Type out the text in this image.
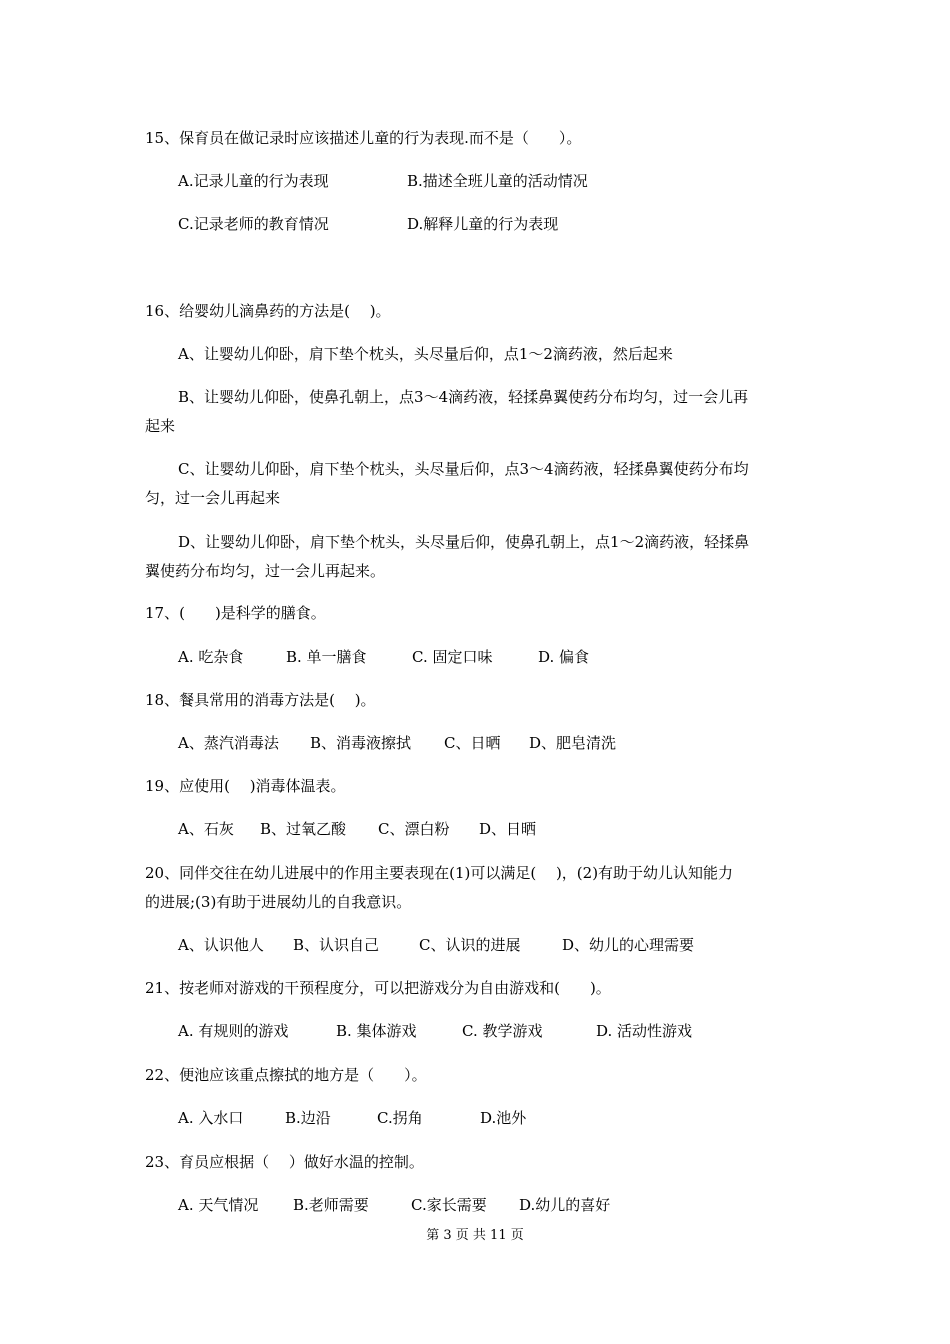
15、保育员在做记录时应该描述儿童的行为表现.而不是（　　）。
A.记录儿童的行为表现	B.描述全班儿童的活动情况
C.记录老师的教育情况	D.解释儿童的行为表现
16、给婴幼儿滴鼻药的方法是(　 )。
A、让婴幼儿仰卧，肩下垫个枕头，头尽量后仰，点1～2滴药液，然后起来
B、让婴幼儿仰卧，使鼻孔朝上，点3～4滴药液，轻揉鼻翼使药分布均匀，过一会儿再
起来
C、让婴幼儿仰卧，肩下垫个枕头，头尽量后仰，点3～4滴药液，轻揉鼻翼使药分布均
匀，过一会儿再起来
D、让婴幼儿仰卧，肩下垫个枕头，头尽量后仰，使鼻孔朝上，点1～2滴药液，轻揉鼻
翼使药分布均匀，过一会儿再起来。
17、(　　)是科学的膳食。
A. 吃杂食	B. 单一膳食	C. 固定口味	D. 偏食
18、餐具常用的消毒方法是(　 )。
A、蒸汽消毒法 B、消毒液擦拭 C、日晒 D、肥皂清洗
19、应使用(　 )消毒体温表。
A、石灰 B、过氧乙酸 C、漂白粉 D、日晒
20、同伴交往在幼儿进展中的作用主要表现在(1)可以满足(　 )，(2)有助于幼儿认知能力
的进展;(3)有助于进展幼儿的自我意识。
A、认识他人 B、认识自己	C、认识的进展	D、幼儿的心理需要
21、按老师对游戏的干预程度分，可以把游戏分为自由游戏和(　　)。
A. 有规则的游戏	B. 集体游戏	C. 教学游戏	D. 活动性游戏
22、便池应该重点擦拭的地方是（　　）。
A. 入水口	B.边沿	C.拐角	D.池外
23、育员应根据（　 ）做好水温的控制。
A. 天气情况 B.老师需要	C.家长需要 D.幼儿的喜好
第 3 页 共 11 页
